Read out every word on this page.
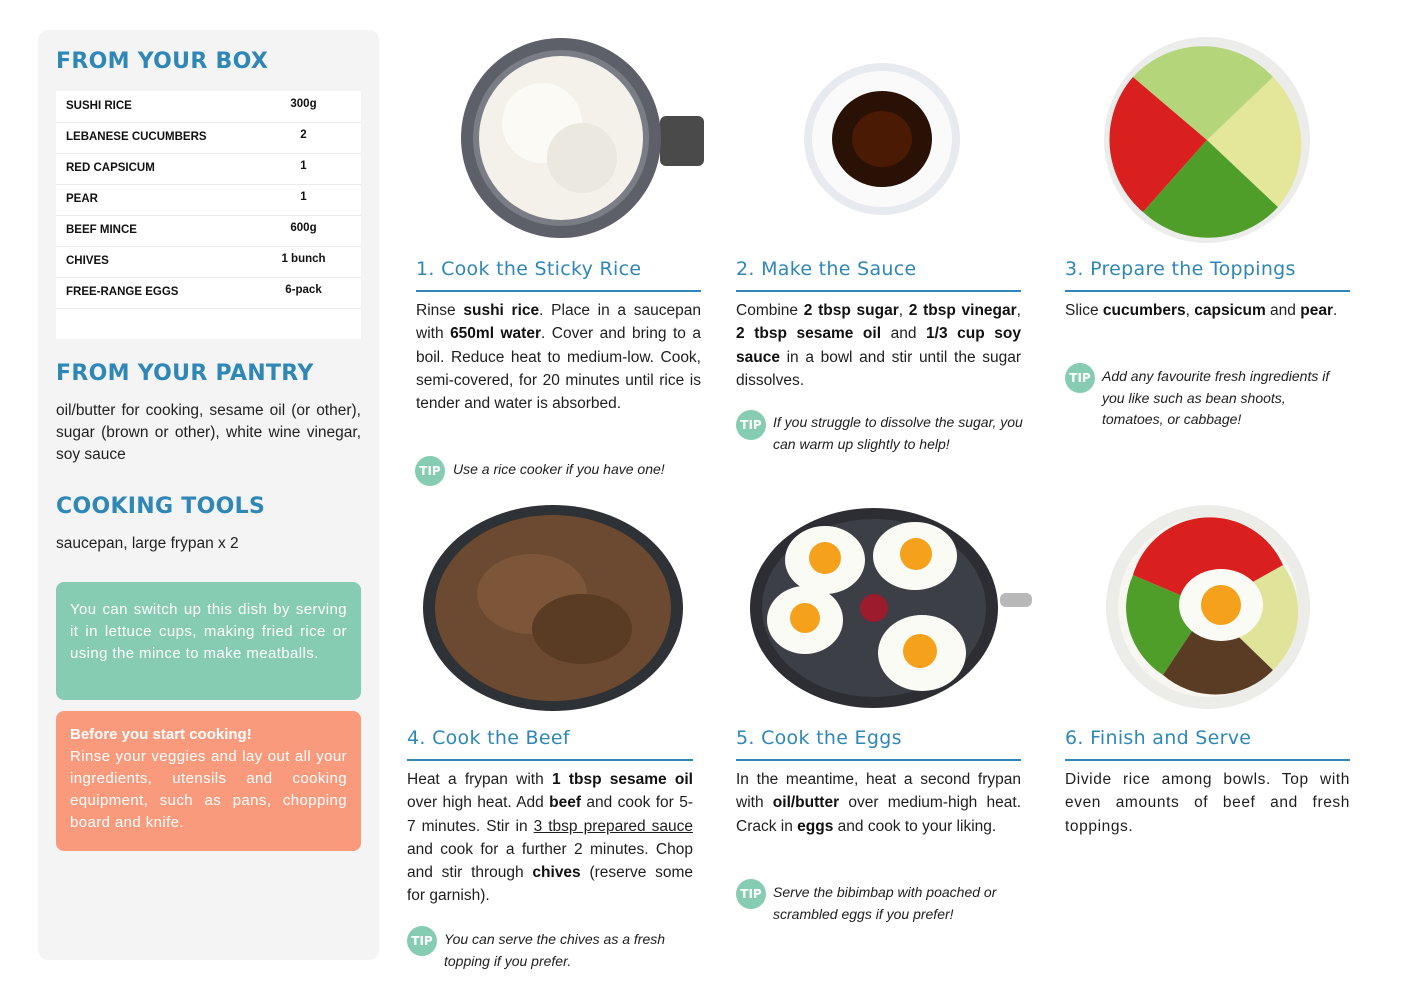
FROM YOUR BOX
SUSHI RICE	300g
LEBANESE CUCUMBERS	2
RED CAPSICUM	1
PEAR	1
BEEF MINCE	600g
CHIVES	1 bunch
FREE-RANGE EGGS	6-pack
FROM YOUR PANTRY
oil/butter for cooking, sesame oil (or other), sugar (brown or other), white wine vinegar, soy sauce
COOKING TOOLS
saucepan, large frypan x 2

You can switch up this dish by serving it in lettuce cups, making fried rice or using the mince to make meatballs.

Before you start cooking!
Rinse your veggies and lay out all your ingredients, utensils and cooking equipment, such as pans, chopping board and knife.
1. Cook the Sticky Rice
Rinse sushi rice. Place in a saucepan with 650ml water. Cover and bring to a boil. Reduce heat to medium-low. Cook, semi-covered, for 20 minutes until rice is tender and water is absorbed.
TIP Use a rice cooker if you have one!
2. Make the Sauce
Combine 2 tbsp sugar, 2 tbsp vinegar, 2 tbsp sesame oil and 1/3 cup soy sauce in a bowl and stir until the sugar dissolves.
TIP If you struggle to dissolve the sugar, you can warm up slightly to help!
3. Prepare the Toppings
Slice cucumbers, capsicum and pear.
TIP Add any favourite fresh ingredients if you like such as bean shoots, tomatoes, or cabbage!
4. Cook the Beef
Heat a frypan with 1 tbsp sesame oil over high heat. Add beef and cook for 5-7 minutes. Stir in 3 tbsp prepared sauce and cook for a further 2 minutes. Chop and stir through chives (reserve some for garnish).
TIP You can serve the chives as a fresh topping if you prefer.
5. Cook the Eggs
In the meantime, heat a second frypan with oil/butter over medium-high heat. Crack in eggs and cook to your liking.
TIP Serve the bibimbap with poached or scrambled eggs if you prefer!
6. Finish and Serve
Divide rice among bowls. Top with even amounts of beef and fresh toppings.
